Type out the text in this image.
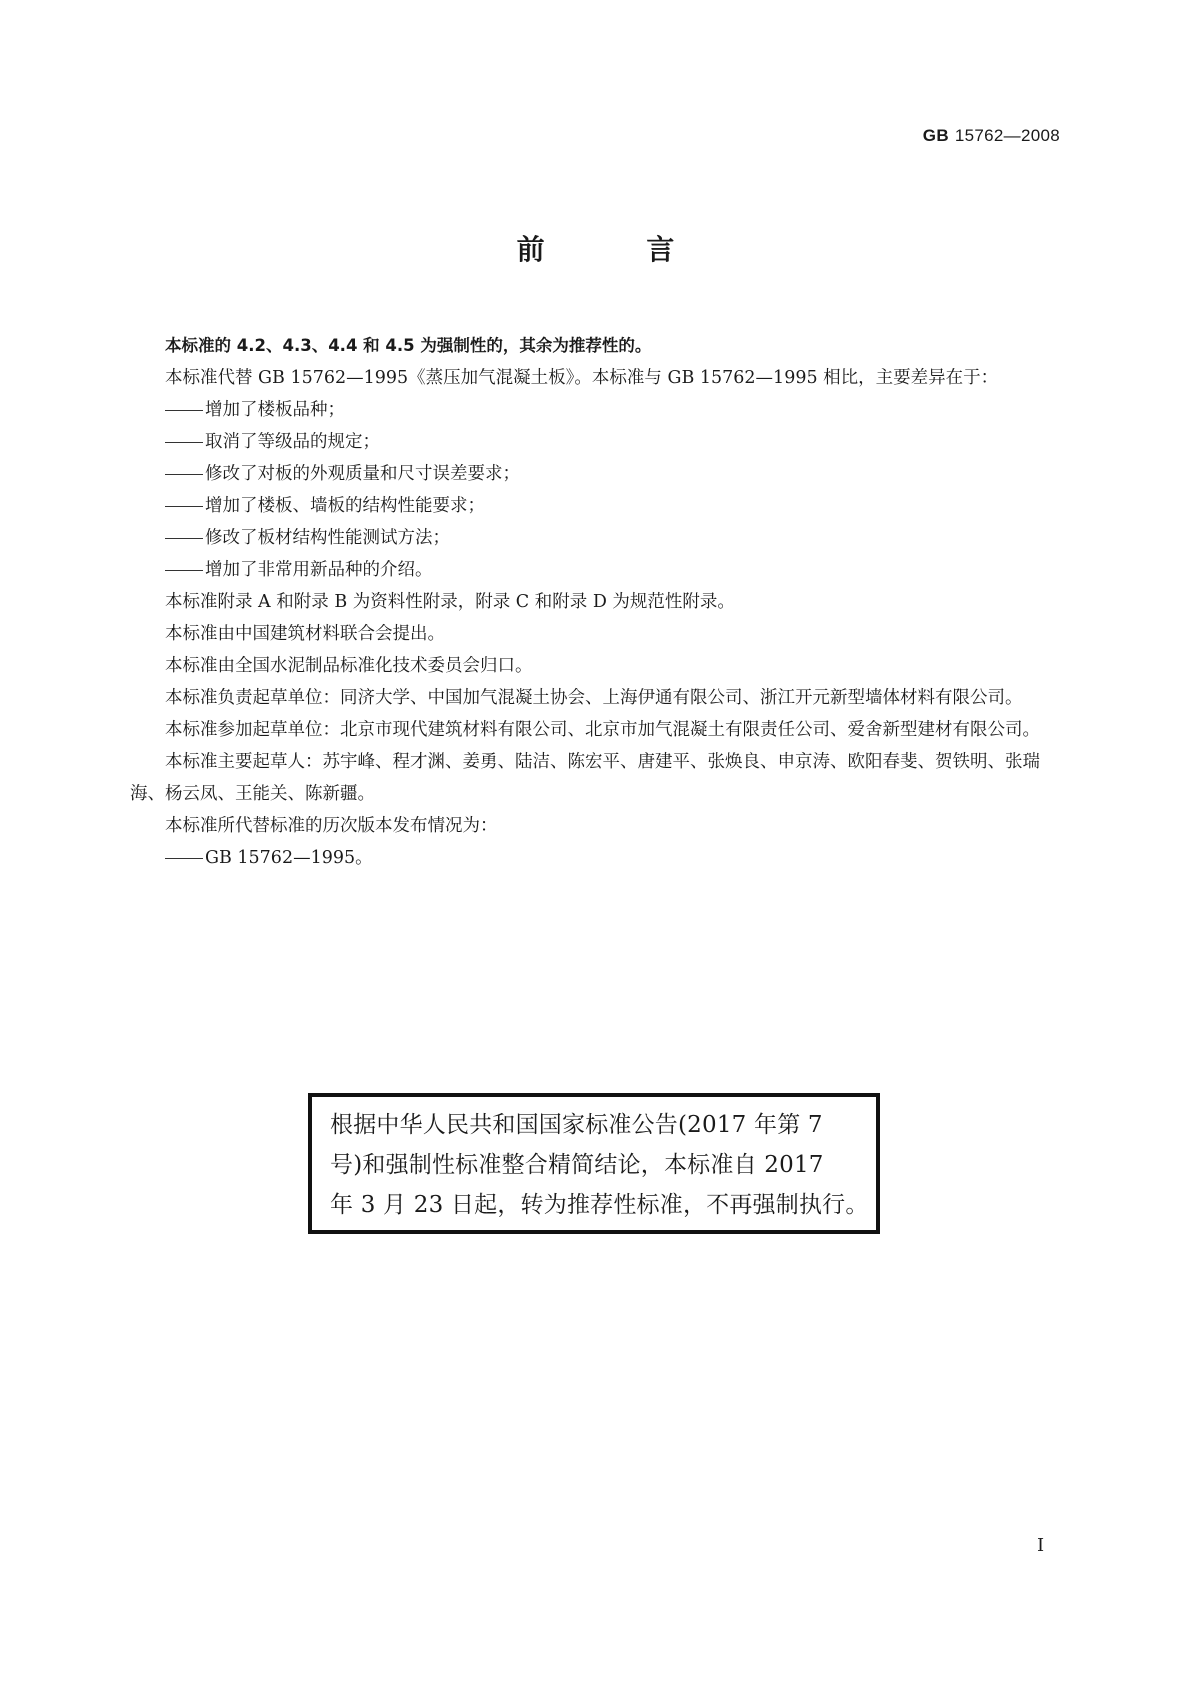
GB 15762—2008
前 言

本标准的 4.2、4.3、4.4 和 4.5 为强制性的，其余为推荐性的。

本标准代替 GB 15762—1995《蒸压加气混凝土板》。本标准与 GB 15762—1995 相比，主要差异在于：

增加了楼板品种；

取消了等级品的规定；

修改了对板的外观质量和尺寸误差要求；

增加了楼板、墙板的结构性能要求；

修改了板材结构性能测试方法；

增加了非常用新品种的介绍。

本标准附录 A 和附录 B 为资料性附录，附录 C 和附录 D 为规范性附录。

本标准由中国建筑材料联合会提出。

本标准由全国水泥制品标准化技术委员会归口。

本标准负责起草单位：同济大学、中国加气混凝土协会、上海伊通有限公司、浙江开元新型墙体材料有限公司。

本标准参加起草单位：北京市现代建筑材料有限公司、北京市加气混凝土有限责任公司、爱舍新型建材有限公司。

本标准主要起草人：苏宇峰、程才渊、姜勇、陆洁、陈宏平、唐建平、张焕良、申京涛、欧阳春斐、贺铁明、张瑞海、杨云凤、王能关、陈新疆。

本标准所代替标准的历次版本发布情况为：

GB 15762—1995。

根据中华人民共和国国家标准公告(2017 年第 7

号)和强制性标准整合精简结论，本标准自 2017

年 3 月 23 日起，转为推荐性标准，不再强制执行。

I
